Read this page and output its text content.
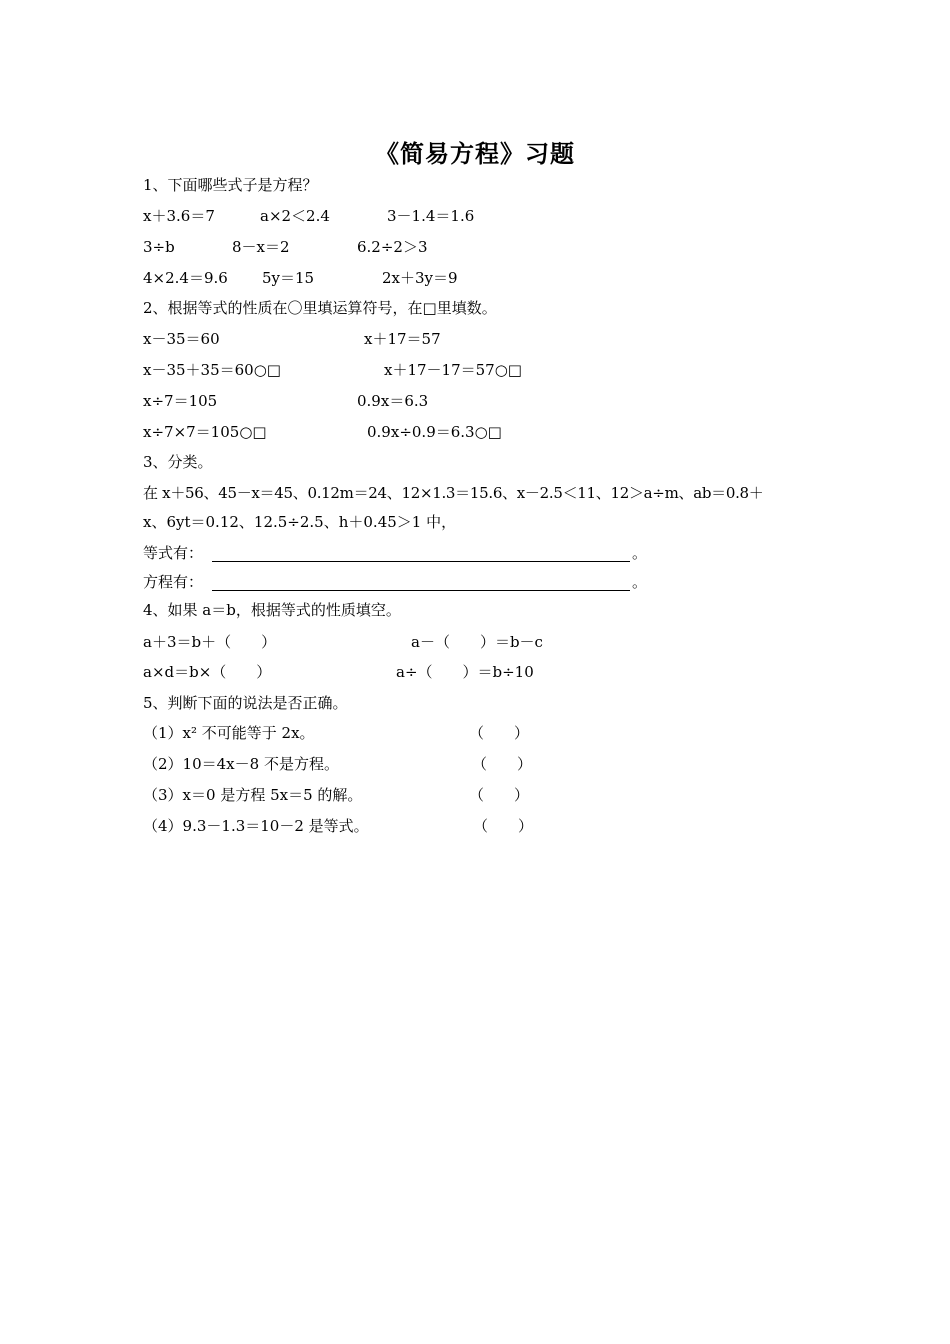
《简易方程》习题
1、下面哪些式子是方程？
x＋3.6＝7	a×2＜2.4	3－1.4＝1.6
3÷b	8－x＝2	6.2÷2＞3
4×2.4＝9.6 5y＝15	2x＋3y＝9
2、根据等式的性质在〇里填运算符号，在□里填数。
x－35＝60	x＋17＝57
x－35＋35＝60○□	x＋17－17＝57○□
x÷7＝105	0.9x＝6.3
x÷7×7＝105○□	0.9x÷0.9＝6.3○□
3、分类。
在 x＋56、45－x＝45、0.12m＝24、12×1.3＝15.6、x－2.5＜11、12＞a÷m、ab＝0.8＋
x、6yt＝0.12、12.5÷2.5、h＋0.45＞1 中，
等式有：	。
方程有：	。
4、如果 a＝b，根据等式的性质填空。
a＋3＝b＋（　　）	a－（　　）＝b－c
a×d＝b×（　　）	a÷（　　）＝b÷10
5、判断下面的说法是否正确。
（1）x² 不可能等于 2x。	（　　）
（2）10＝4x－8 不是方程。	（　　）
（3）x＝0 是方程 5x＝5 的解。	（　　）
（4）9.3－1.3＝10－2 是等式。	（　　）
